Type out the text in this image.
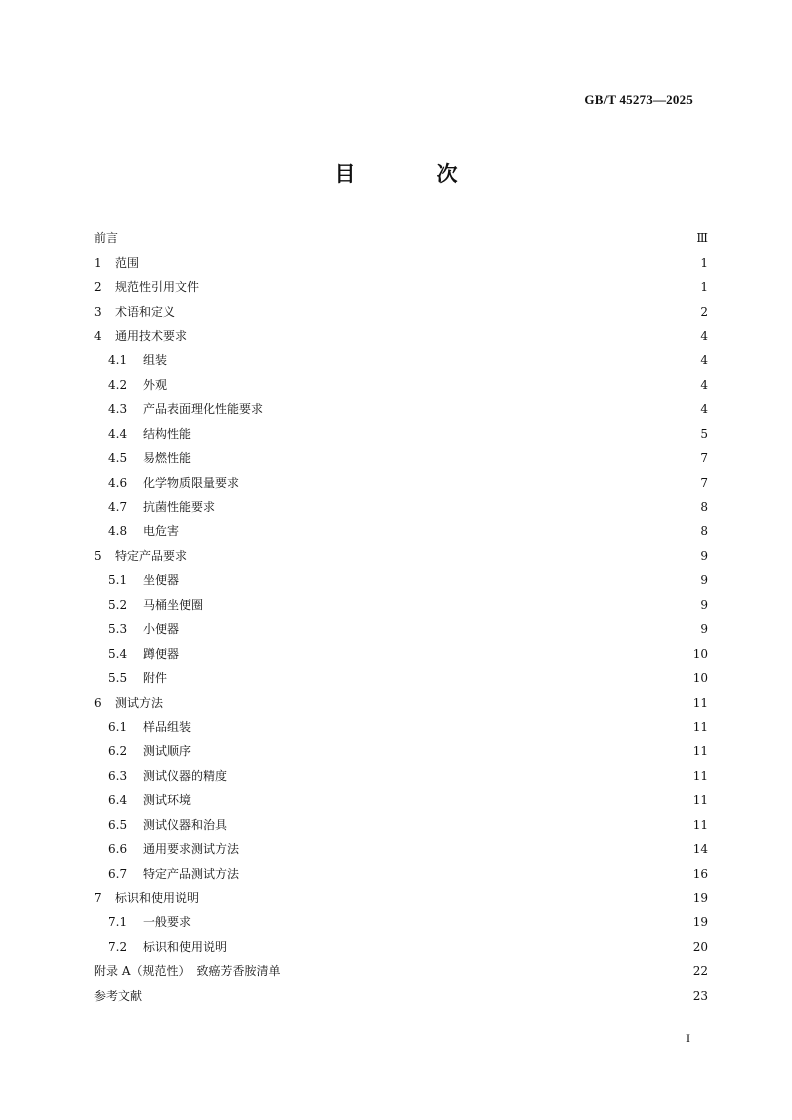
GB/T 45273—2025
目　次
前言	Ⅲ
1	范围	1
2	规范性引用文件	1
3	术语和定义	2
4	通用技术要求	4
4.1	组装	4
4.2	外观	4
4.3	产品表面理化性能要求	4
4.4	结构性能	5
4.5	易燃性能	7
4.6	化学物质限量要求	7
4.7	抗菌性能要求	8
4.8	电危害	8
5	特定产品要求	9
5.1	坐便器	9
5.2	马桶坐便圈	9
5.3	小便器	9
5.4	蹲便器	10
5.5	附件	10
6	测试方法	11
6.1	样品组装	11
6.2	测试顺序	11
6.3	测试仪器的精度	11
6.4	测试环境	11
6.5	测试仪器和治具	11
6.6	通用要求测试方法	14
6.7	特定产品测试方法	16
7	标识和使用说明	19
7.1	一般要求	19
7.2	标识和使用说明	20
附录 A（规范性）　致癌芳香胺清单	22
参考文献	23
I
